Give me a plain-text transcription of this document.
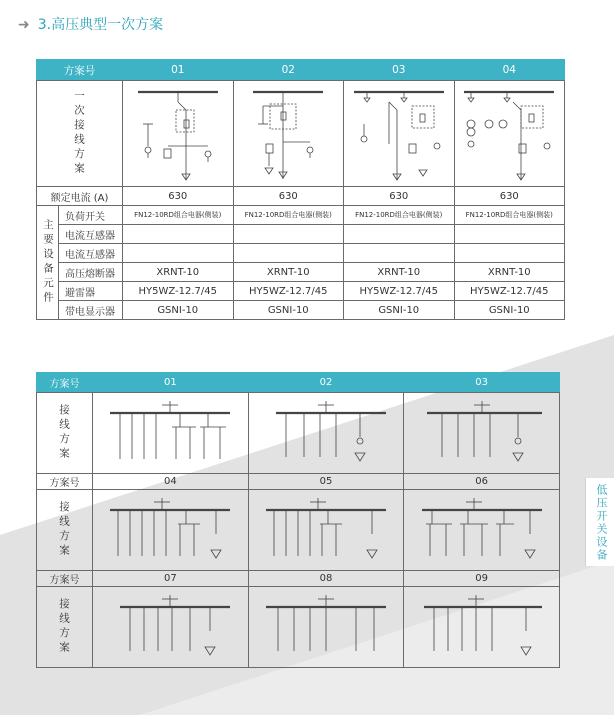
➜ 3.高压典型一次方案
方案号		01	02	03	04

一次接线方案

额定电流 (A)		630	630	630	630

主要设备元件	负荷开关	FN12-10RD组合电器(侧装)	FN12-10RD组合电器(侧装)	FN12-10RD组合电器(侧装)	FN12-10RD组合电器(侧装)
	电流互感器				
	电流互感器				
	高压熔断器	XRNT-10	XRNT-10	XRNT-10	XRNT-10
	避雷器	HY5WZ-12.7/45	HY5WZ-12.7/45	HY5WZ-12.7/45	HY5WZ-12.7/45
	带电显示器	GSNI-10	GSNI-10	GSNI-10	GSNI-10
方案号	01	02	03

接线方案

方案号	04	05	06

接线方案

方案号	07	08	09

接线方案

低压开关设备
